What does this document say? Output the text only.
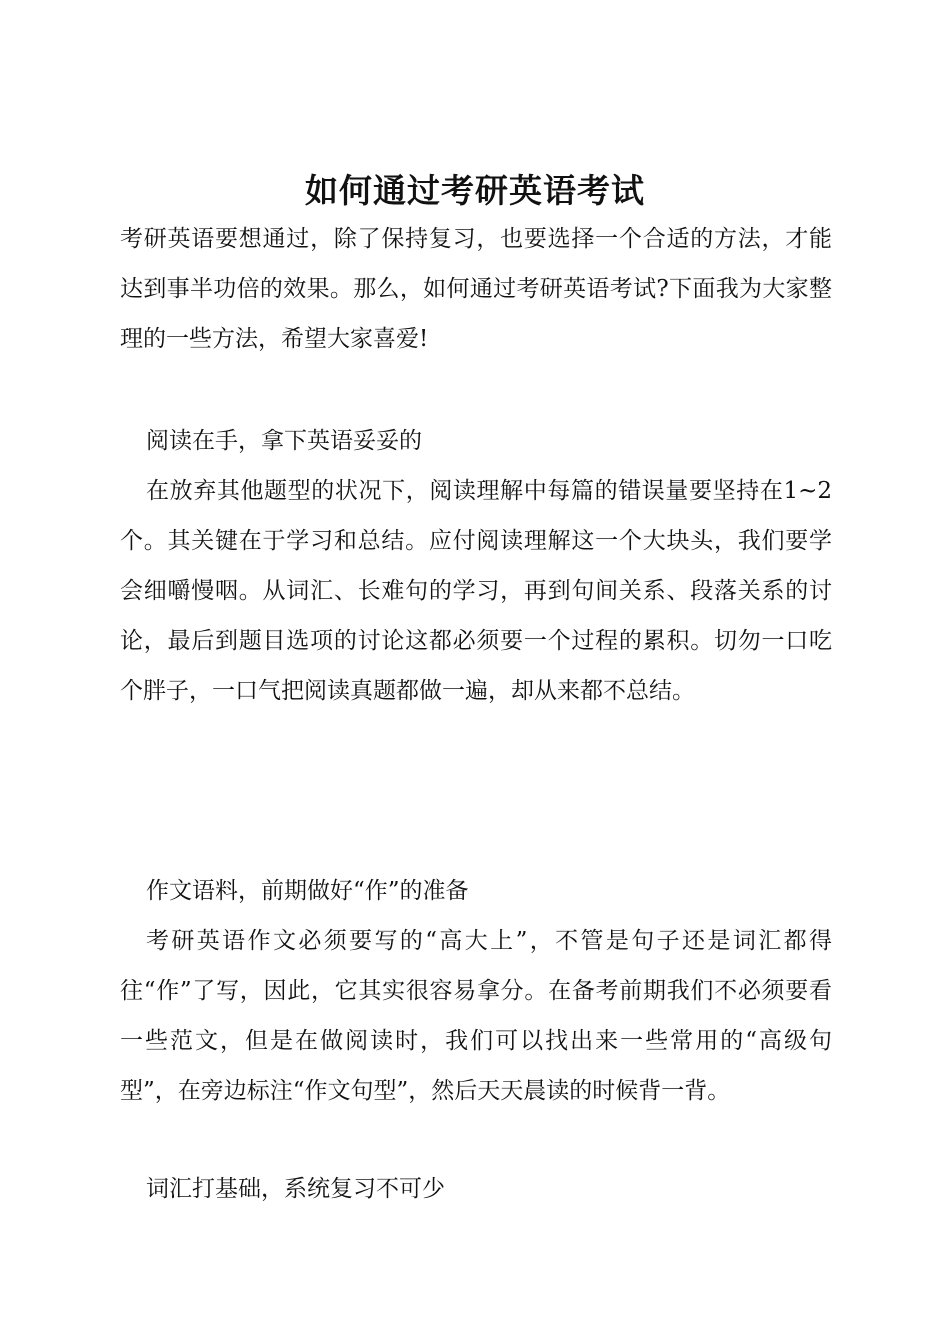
如何通过考研英语考试

考研英语要想通过，除了保持复习，也要选择一个合适的方法，才能达到事半功倍的效果。那么，如何通过考研英语考试?下面我为大家整理的一些方法，希望大家喜爱!

阅读在手，拿下英语妥妥的

在放弃其他题型的状况下，阅读理解中每篇的错误量要坚持在1~2个。其关键在于学习和总结。应付阅读理解这一个大块头，我们要学会细嚼慢咽。从词汇、长难句的学习，再到句间关系、段落关系的讨论，最后到题目选项的讨论这都必须要一个过程的累积。切勿一口吃个胖子，一口气把阅读真题都做一遍，却从来都不总结。

作文语料，前期做好“作”的准备

考研英语作文必须要写的“高大上”，不管是句子还是词汇都得往“作”了写，因此，它其实很容易拿分。在备考前期我们不必须要看一些范文，但是在做阅读时，我们可以找出来一些常用的“高级句型”，在旁边标注“作文句型”，然后天天晨读的时候背一背。

词汇打基础，系统复习不可少
